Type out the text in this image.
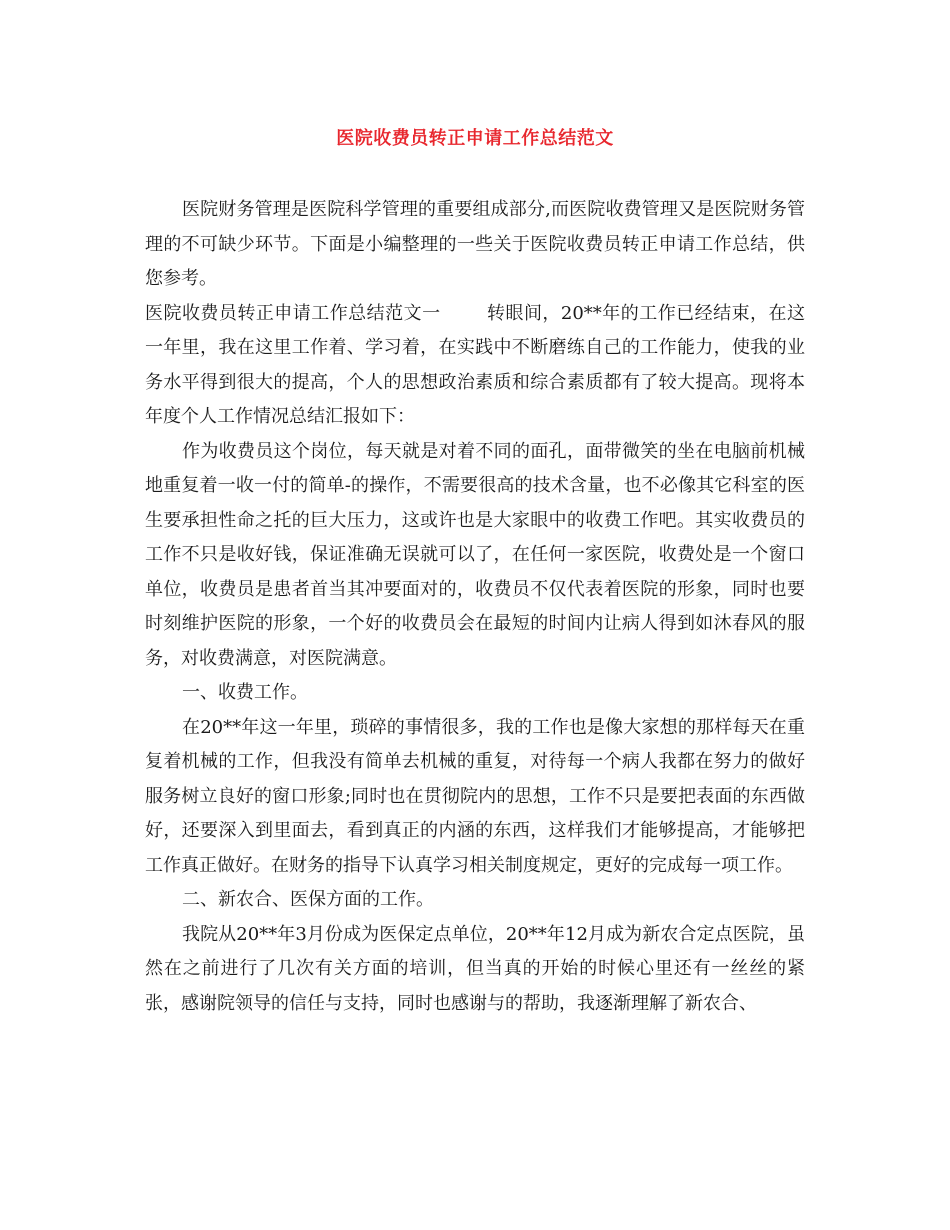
医院收费员转正申请工作总结范文

医院财务管理是医院科学管理的重要组成部分,而医院收费管理又是医院财务管理的不可缺少环节。下面是小编整理的一些关于医院收费员转正申请工作总结，供您参考。

医院收费员转正申请工作总结范文一	转眼间，20**年的工作已经结束，在这一年里，我在这里工作着、学习着，在实践中不断磨练自己的工作能力，使我的业务水平得到很大的提高，个人的思想政治素质和综合素质都有了较大提高。现将本年度个人工作情况总结汇报如下：

作为收费员这个岗位，每天就是对着不同的面孔，面带微笑的坐在电脑前机械地重复着一收一付的简单-的操作，不需要很高的技术含量，也不必像其它科室的医生要承担性命之托的巨大压力，这或许也是大家眼中的收费工作吧。其实收费员的工作不只是收好钱，保证准确无误就可以了，在任何一家医院，收费处是一个窗口单位，收费员是患者首当其冲要面对的，收费员不仅代表着医院的形象，同时也要时刻维护医院的形象，一个好的收费员会在最短的时间内让病人得到如沐春风的服务，对收费满意，对医院满意。

一、收费工作。

在20**年这一年里，琐碎的事情很多，我的工作也是像大家想的那样每天在重复着机械的工作，但我没有简单去机械的重复，对待每一个病人我都在努力的做好服务树立良好的窗口形象;同时也在贯彻院内的思想，工作不只是要把表面的东西做好，还要深入到里面去，看到真正的内涵的东西，这样我们才能够提高，才能够把工作真正做好。在财务的指导下认真学习相关制度规定，更好的完成每一项工作。

二、新农合、医保方面的工作。

我院从20**年3月份成为医保定点单位，20**年12月成为新农合定点医院，虽然在之前进行了几次有关方面的培训，但当真的开始的时候心里还有一丝丝的紧张，感谢院领导的信任与支持，同时也感谢与的帮助，我逐渐理解了新农合、
